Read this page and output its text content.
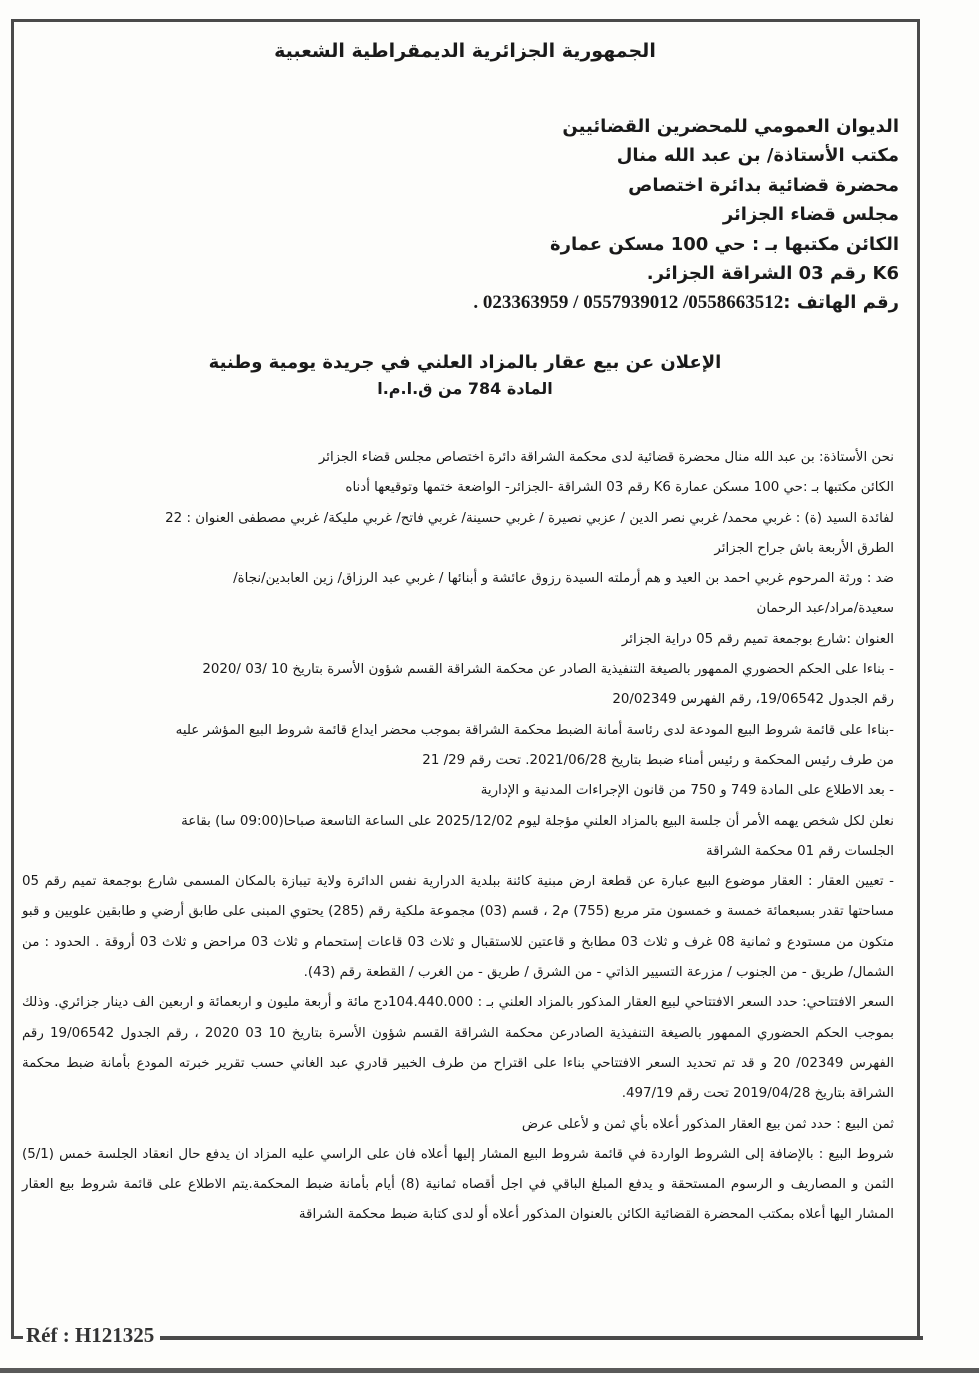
Réf : H121325
الجمهورية الجزائرية الديمقراطية الشعبية
الديوان العمومي للمحضرين القضائيين
مكتب الأستاذة/ بن عبد الله منال
محضرة قضائية بدائرة اختصاص
مجلس قضاء الجزائر
الكائن مكتبها بـ : حي 100 مسكن عمارة
K6 رقم 03 الشراقة الجزائر.
رقم الهاتف :0558663512/ 0557939012 / 023363959 .
الإعلان عن بيع عقار بالمزاد العلني في جريدة يومية وطنية
المادة 784 من ق.ا.م.ا

نحن الأستاذة: بن عبد الله منال محضرة قضائية لدى محكمة الشراقة دائرة اختصاص مجلس قضاء الجزائر

الكائن مكتبها بـ :حي 100 مسكن عمارة K6 رقم 03 الشراقة -الجزائر- الواضعة ختمها وتوقيعها أدناه

لفائدة السيد (ة) : غربي محمد/ غربي نصر الدين / عزبي نصيرة / غربي حسينة/ غربي فاتح/ غربي مليكة/ غربي مصطفى العنوان : 22

الطرق الأربعة باش جراح الجزائر

ضد : ورثة المرحوم غربي احمد بن العيد و هم أرملته السيدة رزوق عائشة و أبنائها / غربي عبد الرزاق/ زين العابدين/نجاة/

سعيدة/مراد/عبد الرحمان

العنوان :شارع بوجمعة تميم رقم 05 دراية الجزائر

- بناءا على الحكم الحضوري الممهور بالصيغة التنفيذية الصادر عن محكمة الشراقة القسم شؤون الأسرة بتاريخ 10 /03 /2020

رقم الجدول 19/06542، رقم الفهرس 20/02349

-بناءا على قائمة شروط البيع المودعة لدى رئاسة أمانة الضبط محكمة الشراقة بموجب محضر ايداع قائمة شروط البيع المؤشر عليه

من طرف رئيس المحكمة و رئيس أمناء ضبط بتاريخ 2021/06/28. تحت رقم 29/ 21

- بعد الاطلاع على المادة 749 و 750 من قانون الإجراءات المدنية و الإدارية

نعلن لكل شخص يهمه الأمر أن جلسة البيع بالمزاد العلني مؤجلة ليوم 2025/12/02 على الساعة التاسعة صباحا(09:00 سا) بقاعة

الجلسات رقم 01 محكمة الشراقة

- تعيين العقار : العقار موضوع البيع عبارة عن قطعة ارض مبنية كائنة ببلدية الدرارية نفس الدائرة ولاية تيبازة بالمكان المسمى شارع بوجمعة تميم رقم 05 مساحتها تقدر بسبعمائة خمسة و خمسون متر مربع (755) م2 ، قسم (03) مجموعة ملكية رقم (285) يحتوي المبنى على طابق أرضي و طابقين علويين و قبو متكون من مستودع و ثمانية 08 غرف و ثلاث 03 مطابخ و قاعتين للاستقبال و ثلاث 03 قاعات إستحمام و ثلاث 03 مراحض و ثلاث 03 أروقة . الحدود : من الشمال/ طريق - من الجنوب / مزرعة التسيير الذاتي - من الشرق / طريق - من الغرب / القطعة رقم (43).

السعر الافتتاحي: حدد السعر الافتتاحي لبيع العقار المذكور بالمزاد العلني بـ : 104.440.000دج مائة و أربعة مليون و اربعمائة و اربعين الف دينار جزائري. وذلك بموجب الحكم الحضوري الممهور بالصيغة التنفيذية الصادرعن محكمة الشراقة القسم شؤون الأسرة بتاريخ 10 03 2020 ، رقم الجدول 19/06542 رقم الفهرس 02349/ 20 و قد تم تحديد السعر الافتتاحي بناءا على اقتراح من طرف الخبير قادري عبد الغاني حسب تقرير خبرته المودع بأمانة ضبط محكمة الشراقة بتاريخ 2019/04/28 تحت رقم 497/19.

ثمن البيع : حدد ثمن بيع العقار المذكور أعلاه بأي ثمن و لأعلى عرض

شروط البيع : بالإضافة إلى الشروط الواردة في قائمة شروط البيع المشار إليها أعلاه فان على الراسي عليه المزاد ان يدفع حال انعقاد الجلسة خمس (5/1) الثمن و المصاريف و الرسوم المستحقة و يدفع المبلغ الباقي في اجل أقصاه ثمانية (8) أيام بأمانة ضبط المحكمة.يتم الاطلاع على قائمة شروط بيع العقار المشار اليها أعلاه بمكتب المحضرة القضائية الكائن بالعنوان المذكور أعلاه أو لدى كتابة ضبط محكمة الشراقة
